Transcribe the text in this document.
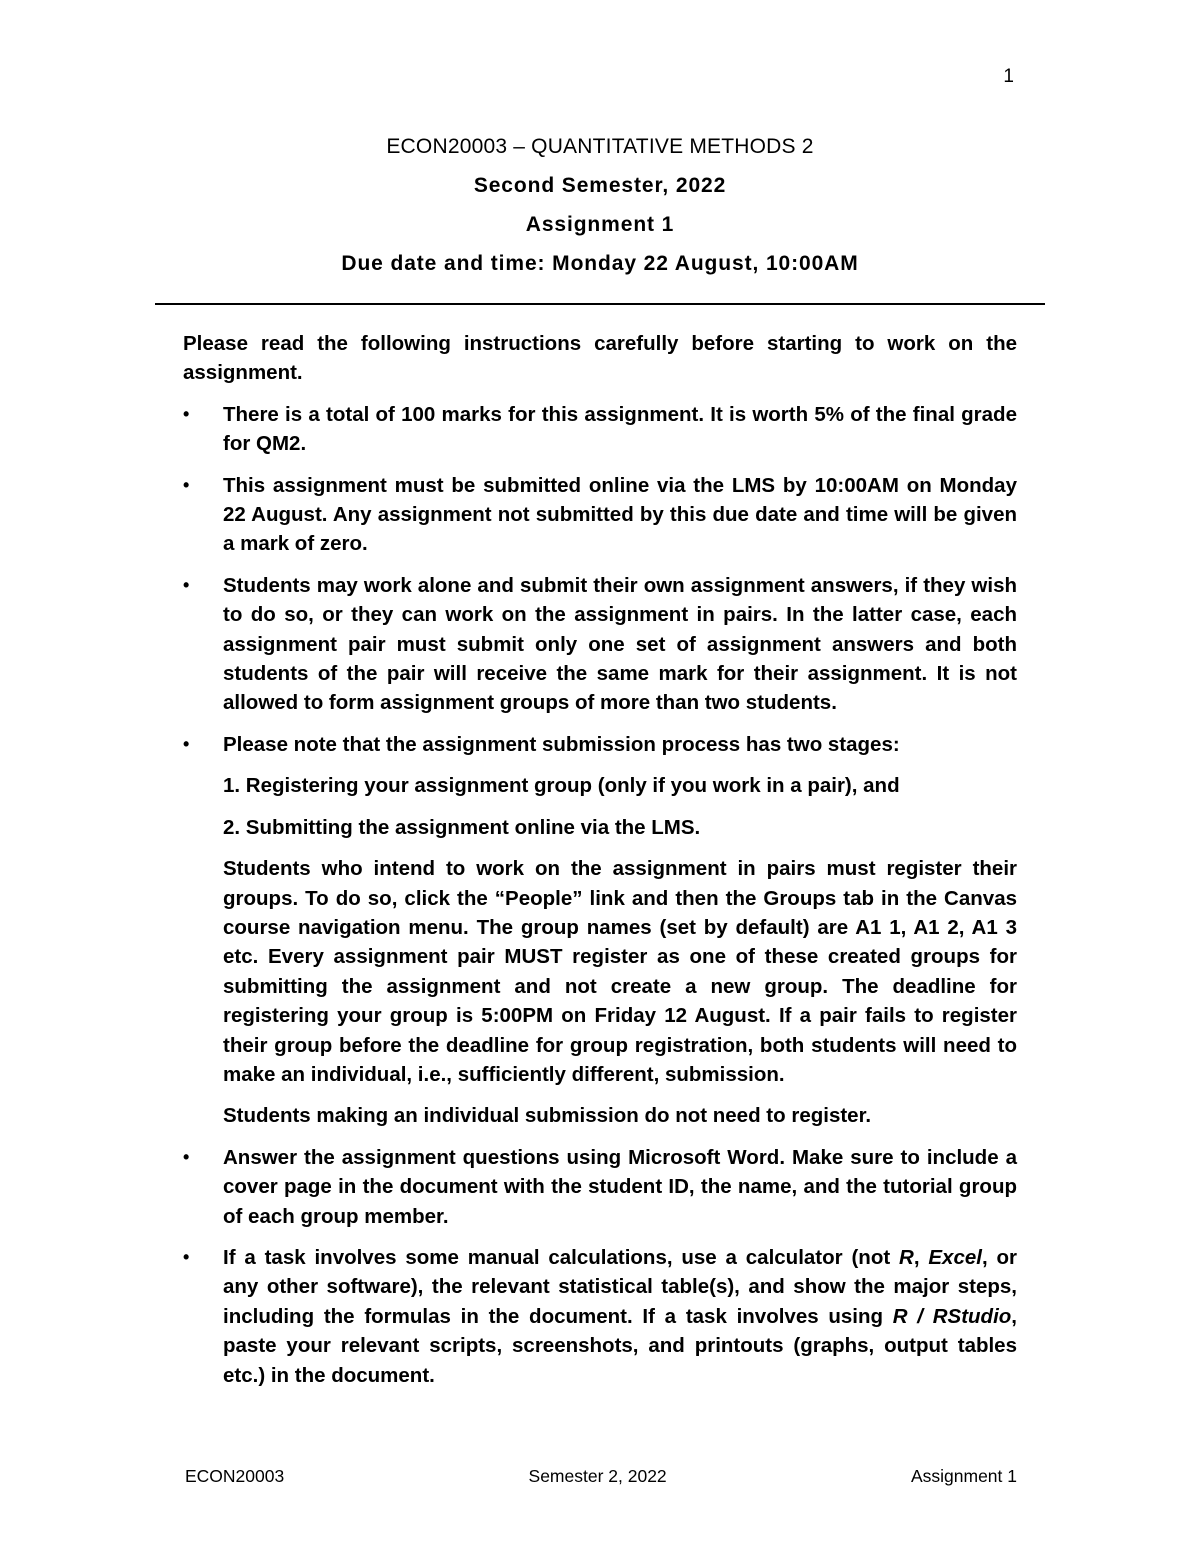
1
ECON20003 – QUANTITATIVE METHODS 2
Second Semester, 2022
Assignment 1
Due date and time: Monday 22 August, 10:00AM

Please read the following instructions carefully before starting to work on the assignment.

• There is a total of 100 marks for this assignment. It is worth 5% of the final grade for QM2.
• This assignment must be submitted online via the LMS by 10:00AM on Monday 22 August. Any assignment not submitted by this due date and time will be given a mark of zero.
• Students may work alone and submit their own assignment answers, if they wish to do so, or they can work on the assignment in pairs. In the latter case, each assignment pair must submit only one set of assignment answers and both students of the pair will receive the same mark for their assignment. It is not allowed to form assignment groups of more than two students.
• Please note that the assignment submission process has two stages:
1. Registering your assignment group (only if you work in a pair), and
2. Submitting the assignment online via the LMS.
Students who intend to work on the assignment in pairs must register their groups. To do so, click the “People” link and then the Groups tab in the Canvas course navigation menu. The group names (set by default) are A1 1, A1 2, A1 3 etc. Every assignment pair MUST register as one of these created groups for submitting the assignment and not create a new group. The deadline for registering your group is 5:00PM on Friday 12 August. If a pair fails to register their group before the deadline for group registration, both students will need to make an individual, i.e., sufficiently different, submission.
Students making an individual submission do not need to register.
• Answer the assignment questions using Microsoft Word. Make sure to include a cover page in the document with the student ID, the name, and the tutorial group of each group member.
• If a task involves some manual calculations, use a calculator (not R, Excel, or any other software), the relevant statistical table(s), and show the major steps, including the formulas in the document. If a task involves using R / RStudio, paste your relevant scripts, screenshots, and printouts (graphs, output tables etc.) in the document.
ECON20003	Semester 2, 2022	Assignment 1
